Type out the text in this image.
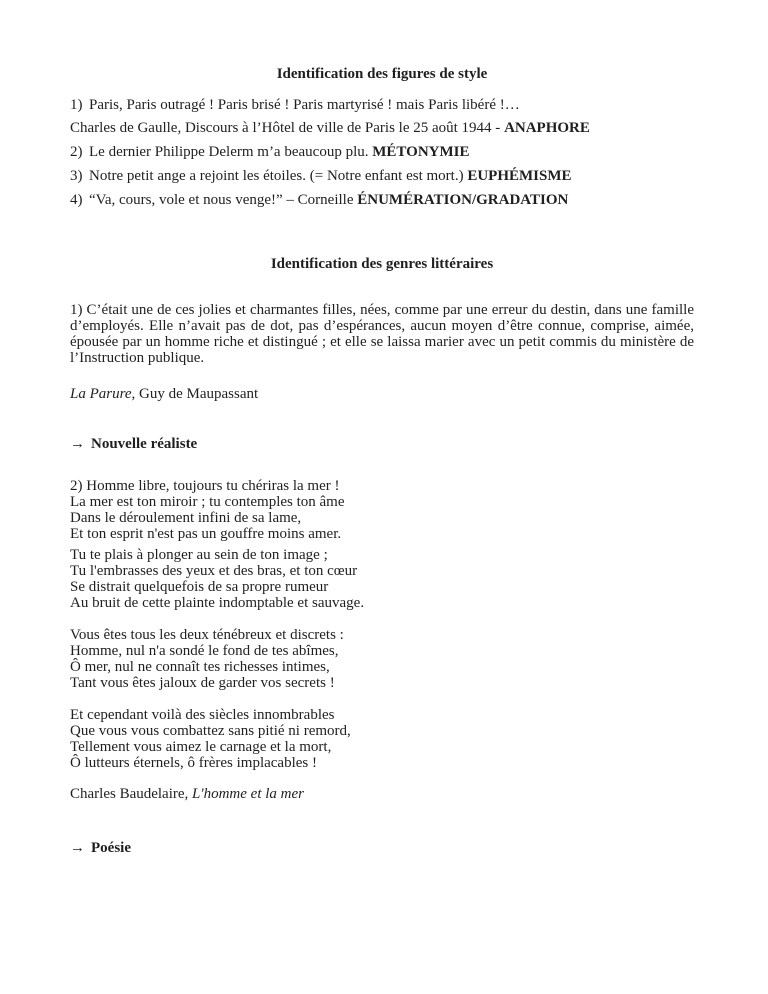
Identification des figures de style

1) Paris, Paris outragé ! Paris brisé ! Paris martyrisé ! mais Paris libéré !…

Charles de Gaulle, Discours à l’Hôtel de ville de Paris le 25 août 1944 - ANAPHORE

2) Le dernier Philippe Delerm m’a beaucoup plu. MÉTONYMIE

3) Notre petit ange a rejoint les étoiles. (= Notre enfant est mort.) EUPHÉMISME

4) “Va, cours, vole et nous venge!” – Corneille ÉNUMÉRATION/GRADATION

Identification des genres littéraires

1) C’était une de ces jolies et charmantes filles, nées, comme par une erreur du destin, dans une famille d’employés. Elle n’avait pas de dot, pas d’espérances, aucun moyen d’être connue, comprise, aimée, épousée par un homme riche et distingué ; et elle se laissa marier avec un petit commis du ministère de l’Instruction publique.

La Parure, Guy de Maupassant

→ Nouvelle réaliste

2) Homme libre, toujours tu chériras la mer !
La mer est ton miroir ; tu contemples ton âme
Dans le déroulement infini de sa lame,
Et ton esprit n'est pas un gouffre moins amer.
Tu te plais à plonger au sein de ton image ;
Tu l'embrasses des yeux et des bras, et ton cœur
Se distrait quelquefois de sa propre rumeur
Au bruit de cette plainte indomptable et sauvage.
Vous êtes tous les deux ténébreux et discrets :
Homme, nul n'a sondé le fond de tes abîmes,
Ô mer, nul ne connaît tes richesses intimes,
Tant vous êtes jaloux de garder vos secrets !
Et cependant voilà des siècles innombrables
Que vous vous combattez sans pitié ni remord,
Tellement vous aimez le carnage et la mort,
Ô lutteurs éternels, ô frères implacables !

Charles Baudelaire, L'homme et la mer

→ Poésie
